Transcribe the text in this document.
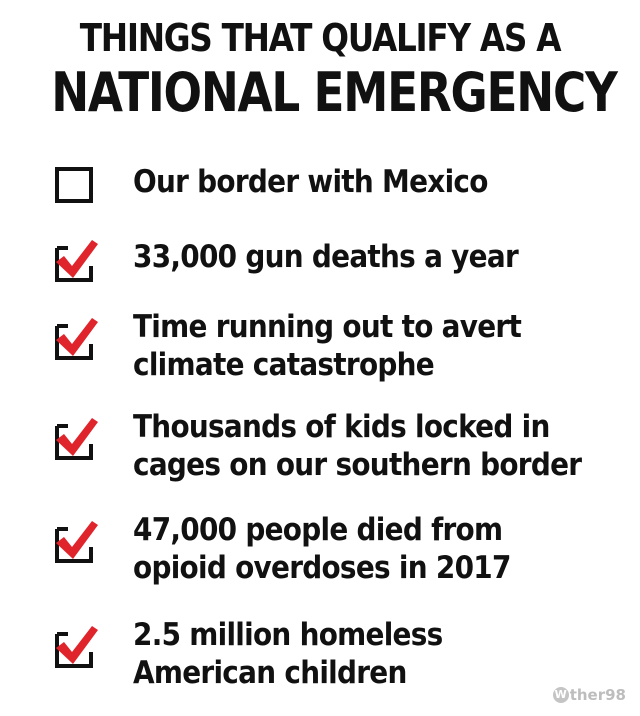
THINGS THAT QUALIFY AS A
NATIONAL EMERGENCY
Our border with Mexico
33,000 gun deaths a year
Time running out to avert
climate catastrophe
Thousands of kids locked in
cages on our southern border
47,000 people died from
opioid overdoses in 2017
2.5 million homeless
American children
W ther98
